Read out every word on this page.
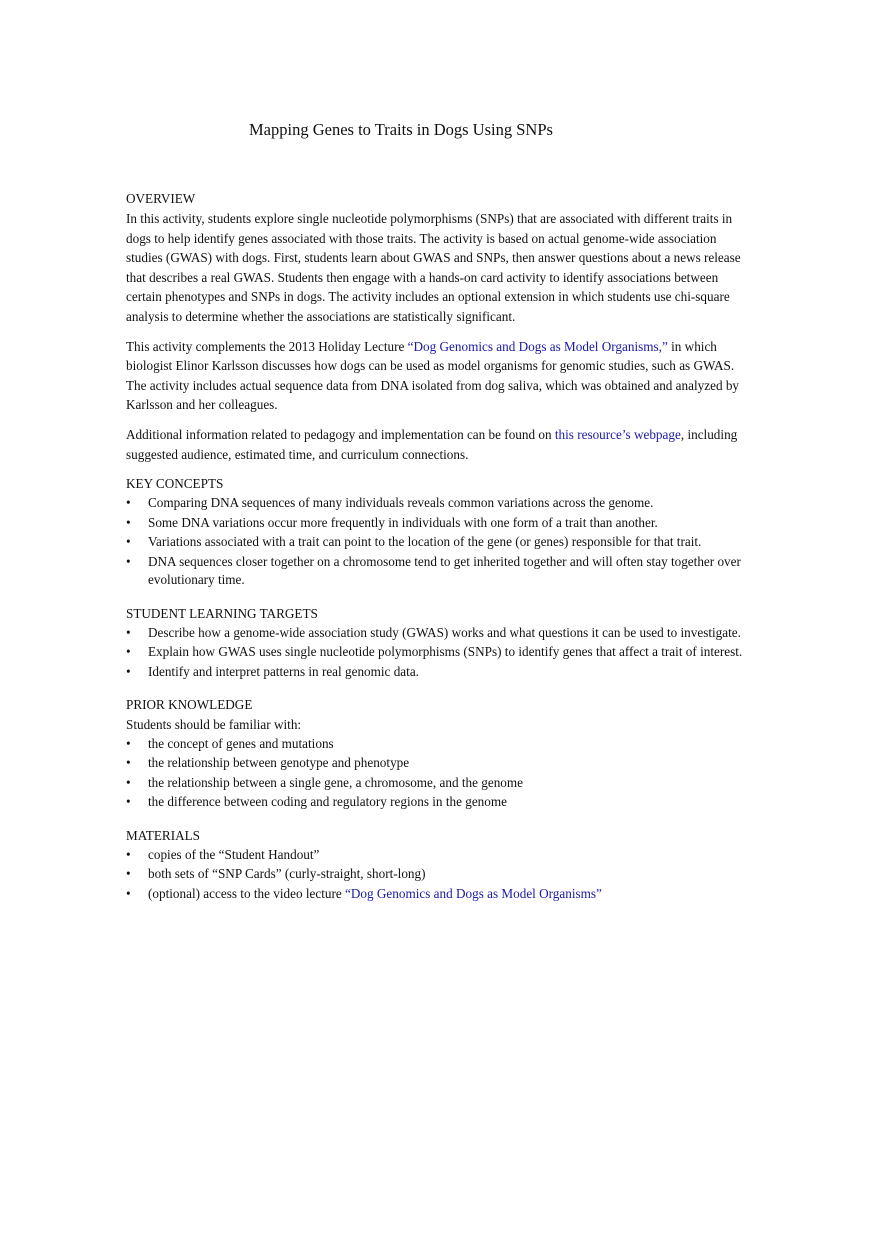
Mapping Genes to Traits in Dogs Using SNPs
OVERVIEW

In this activity, students explore single nucleotide polymorphisms (SNPs) that are associated with different traits in dogs to help identify genes associated with those traits. The activity is based on actual genome-wide association studies (GWAS) with dogs. First, students learn about GWAS and SNPs, then answer questions about a news release that describes a real GWAS. Students then engage with a hands-on card activity to identify associations between certain phenotypes and SNPs in dogs. The activity includes an optional extension in which students use chi-square analysis to determine whether the associations are statistically significant.

This activity complements the 2013 Holiday Lecture “Dog Genomics and Dogs as Model Organisms,” in which biologist Elinor Karlsson discusses how dogs can be used as model organisms for genomic studies, such as GWAS. The activity includes actual sequence data from DNA isolated from dog saliva, which was obtained and analyzed by Karlsson and her colleagues.

Additional information related to pedagogy and implementation can be found on this resource’s webpage, including suggested audience, estimated time, and curriculum connections.

KEY CONCEPTS
• Comparing DNA sequences of many individuals reveals common variations across the genome.
• Some DNA variations occur more frequently in individuals with one form of a trait than another.
• Variations associated with a trait can point to the location of the gene (or genes) responsible for that trait.
• DNA sequences closer together on a chromosome tend to get inherited together and will often stay together over evolutionary time.
STUDENT LEARNING TARGETS
• Describe how a genome-wide association study (GWAS) works and what questions it can be used to investigate.
• Explain how GWAS uses single nucleotide polymorphisms (SNPs) to identify genes that affect a trait of interest.
• Identify and interpret patterns in real genomic data.
PRIOR KNOWLEDGE

Students should be familiar with:

• the concept of genes and mutations
• the relationship between genotype and phenotype
• the relationship between a single gene, a chromosome, and the genome
• the difference between coding and regulatory regions in the genome
MATERIALS
• copies of the “Student Handout”
• both sets of “SNP Cards” (curly-straight, short-long)
• (optional) access to the video lecture “Dog Genomics and Dogs as Model Organisms”
